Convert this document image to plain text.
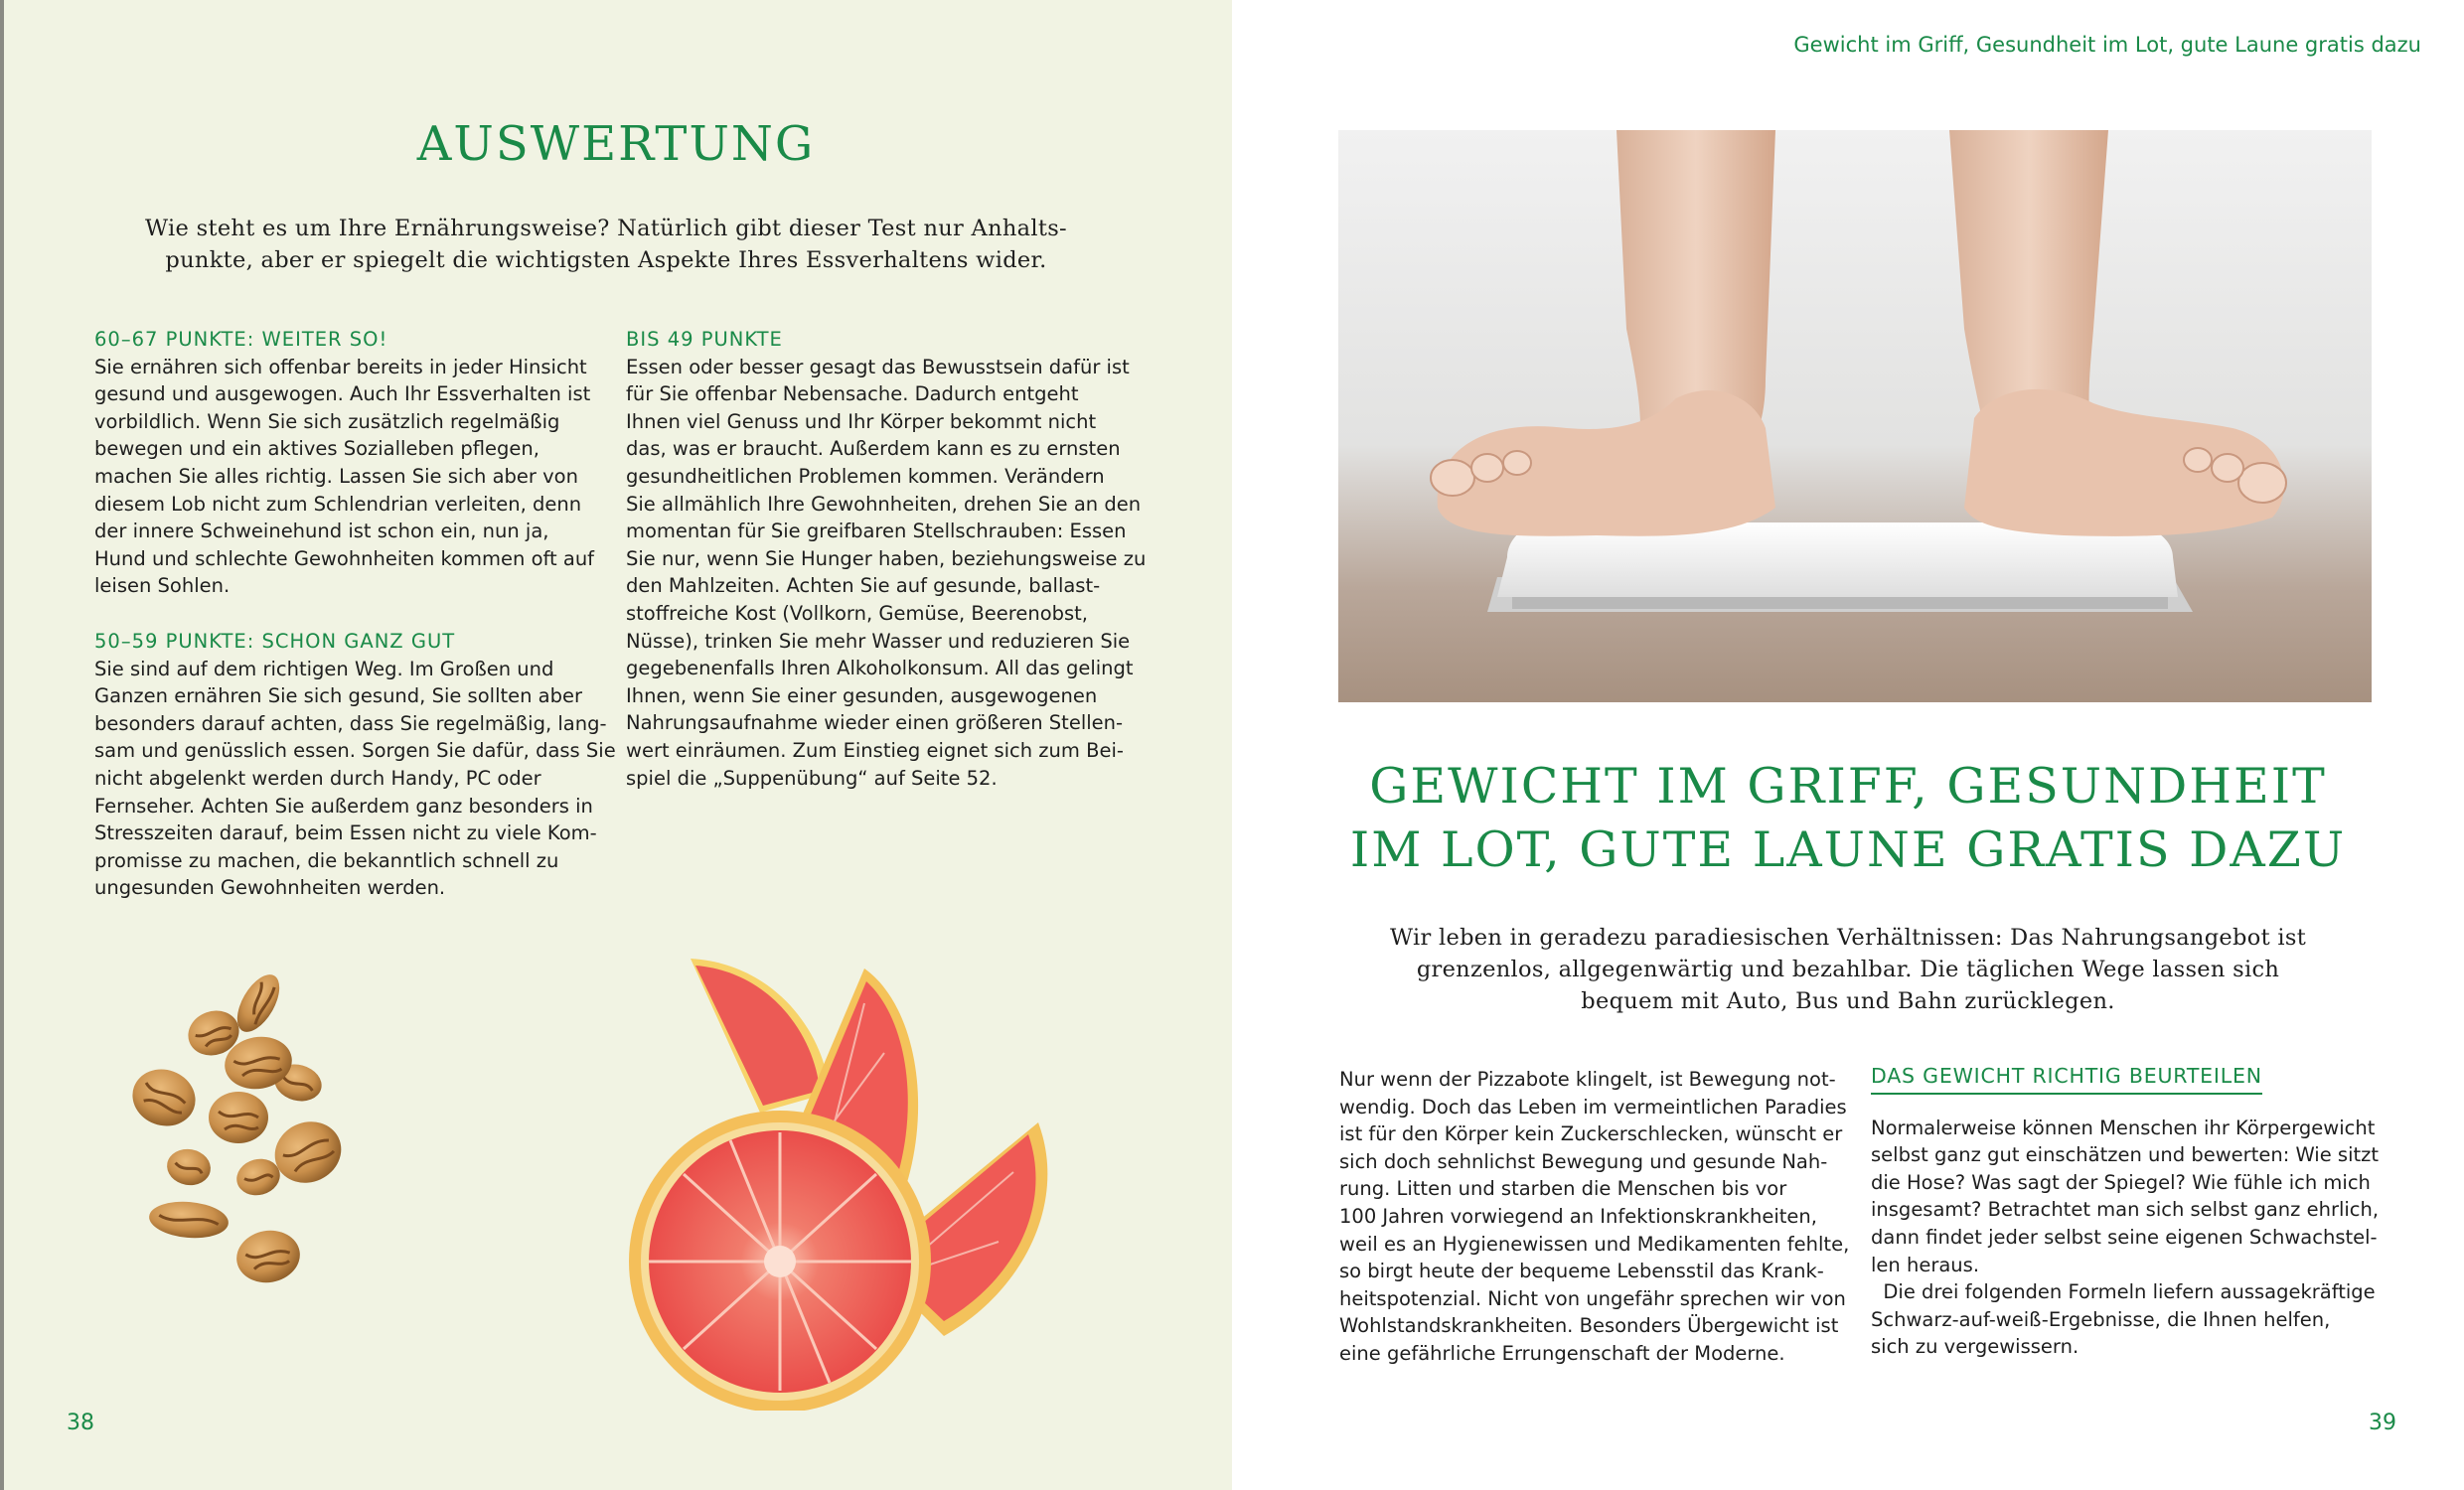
AUSWERTUNG
Wie steht es um Ihre Ernährungsweise? Natürlich gibt dieser Test nur Anhalts-
punkte, aber er spiegelt die wichtigsten Aspekte Ihres Essverhaltens wider.
60–67 PUNKTE: WEITER SO!

Sie ernähren sich offenbar bereits in jeder Hinsicht

gesund und ausgewogen. Auch Ihr Essverhalten ist

vorbildlich. Wenn Sie sich zusätzlich regelmäßig

bewegen und ein aktives Sozialleben pflegen,

machen Sie alles richtig. Lassen Sie sich aber von

diesem Lob nicht zum Schlendrian verleiten, denn

der innere Schweinehund ist schon ein, nun ja,

Hund und schlechte Gewohnheiten kommen oft auf

leisen Sohlen.

50–59 PUNKTE: SCHON GANZ GUT

Sie sind auf dem richtigen Weg. Im Großen und

Ganzen ernähren Sie sich gesund, Sie sollten aber

besonders darauf achten, dass Sie regelmäßig, lang-

sam und genüsslich essen. Sorgen Sie dafür, dass Sie

nicht abgelenkt werden durch Handy, PC oder

Fernseher. Achten Sie außerdem ganz besonders in

Stresszeiten darauf, beim Essen nicht zu viele Kom-

promisse zu machen, die bekanntlich schnell zu

ungesunden Gewohnheiten werden.

BIS 49 PUNKTE

Essen oder besser gesagt das Bewusstsein dafür ist

für Sie offenbar Nebensache. Dadurch entgeht

Ihnen viel Genuss und Ihr Körper bekommt nicht

das, was er braucht. Außerdem kann es zu ernsten

gesundheitlichen Problemen kommen. Verändern

Sie allmählich Ihre Gewohnheiten, drehen Sie an den

momentan für Sie greifbaren Stellschrauben: Essen

Sie nur, wenn Sie Hunger haben, beziehungsweise zu

den Mahlzeiten. Achten Sie auf gesunde, ballast-

stoffreiche Kost (Vollkorn, Gemüse, Beerenobst,

Nüsse), trinken Sie mehr Wasser und reduzieren Sie

gegebenenfalls Ihren Alkoholkonsum. All das gelingt

Ihnen, wenn Sie einer gesunden, ausgewogenen

Nahrungsaufnahme wieder einen größeren Stellen-

wert einräumen. Zum Einstieg eignet sich zum Bei-

spiel die „Suppenübung“ auf Seite 52.

38
Gewicht im Griff, Gesundheit im Lot, gute Laune gratis dazu
GEWICHT IM GRIFF, GESUNDHEIT
IM LOT, GUTE LAUNE GRATIS DAZU
Wir leben in geradezu paradiesischen Verhältnissen: Das Nahrungsangebot ist
grenzenlos, allgegenwärtig und bezahlbar. Die täglichen Wege lassen sich
bequem mit Auto, Bus und Bahn zurücklegen.

Nur wenn der Pizzabote klingelt, ist Bewegung not-

wendig. Doch das Leben im vermeintlichen Paradies

ist für den Körper kein Zuckerschlecken, wünscht er

sich doch sehnlichst Bewegung und gesunde Nah-

rung. Litten und starben die Menschen bis vor

100 Jahren vorwiegend an Infektionskrankheiten,

weil es an Hygienewissen und Medikamenten fehlte,

so birgt heute der bequeme Lebensstil das Krank-

heitspotenzial. Nicht von ungefähr sprechen wir von

Wohlstandskrankheiten. Besonders Übergewicht ist

eine gefährliche Errungenschaft der Moderne.

DAS GEWICHT RICHTIG BEURTEILEN

Normalerweise können Menschen ihr Körpergewicht

selbst ganz gut einschätzen und bewerten: Wie sitzt

die Hose? Was sagt der Spiegel? Wie fühle ich mich

insgesamt? Betrachtet man sich selbst ganz ehrlich,

dann findet jeder selbst seine eigenen Schwachstel-

len heraus.

Die drei folgenden Formeln liefern aussagekräftige

Schwarz-auf-weiß-Ergebnisse, die Ihnen helfen,

sich zu vergewissern.

39
